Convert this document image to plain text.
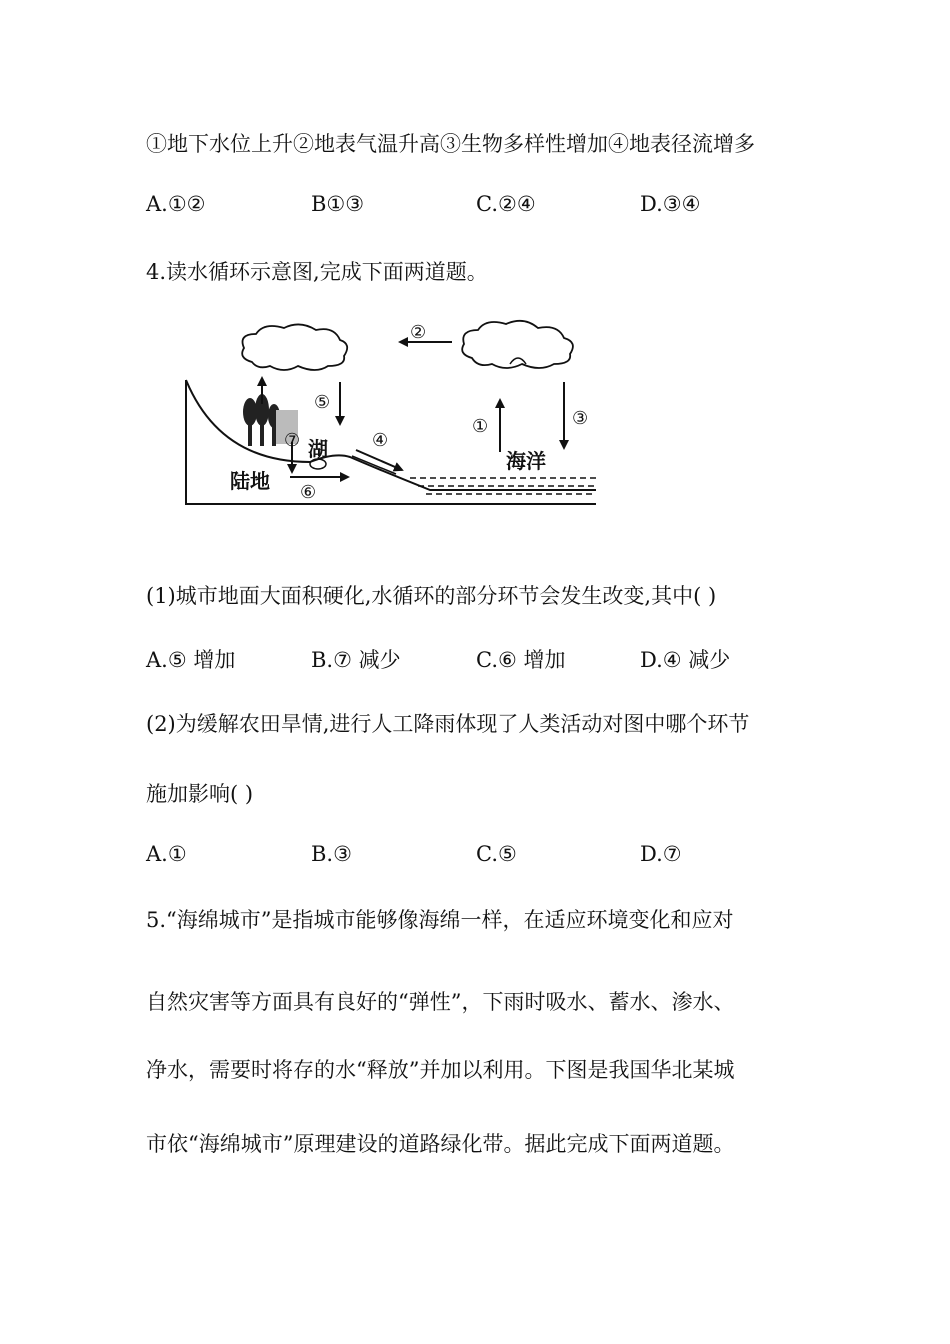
①地下水位上升②地表气温升高③生物多样性增加④地表径流增多
A.①②	B①③	C.②④	D.③④
4.读水循环示意图,完成下面两道题。
②
⑤
①	③
④
⑥
⑦ 湖
陆地
海洋
(1)城市地面大面积硬化,水循环的部分环节会发生改变,其中( )
A.⑤ 增加	B.⑦ 减少	C.⑥ 增加	D.④ 减少
(2)为缓解农田旱情,进行人工降雨体现了人类活动对图中哪个环节
施加影响( )
A.①	B.③	C.⑤	D.⑦
5.“海绵城市”是指城市能够像海绵一样，在适应环境变化和应对
自然灾害等方面具有良好的“弹性”，下雨时吸水、蓄水、渗水、
净水，需要时将存的水“释放”并加以利用。下图是我国华北某城
市依“海绵城市”原理建设的道路绿化带。据此完成下面两道题。
